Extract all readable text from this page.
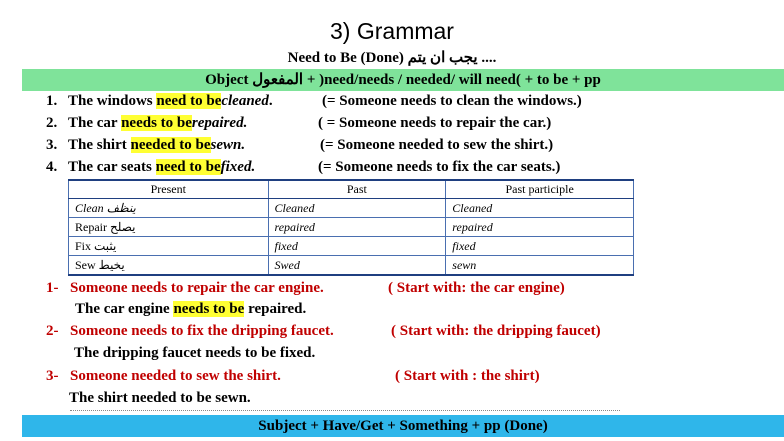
3) Grammar
Need to Be (Done) يجب ان يتم ....
Object المفعول + )need/needs / needed/ will need( + to be + pp
1. The windows need to becleaned.	(= Someone needs to clean the windows.)
2. The car needs to berepaired.	( = Someone needs to repair the car.)
3. The shirt needed to besewn.	(= Someone needed to sew the shirt.)
4. The car seats need to befixed.	(= Someone needs to fix the car seats.)
Present	Past	Past participle
Clean ينظف	Cleaned	Cleaned
Repair يصلح	repaired	repaired
Fix يثبت	fixed	fixed
Sew يخيط	Swed	sewn
1- Someone needs to repair the car engine.	( Start with: the car engine)
The car engine needs to be repaired.
2- Someone needs to fix the dripping faucet.	( Start with: the dripping faucet)
The dripping faucet needs to be fixed.
3- Someone needed to sew the shirt.	( Start with : the shirt)
The shirt needed to be sewn.
Subject + Have/Get + Something + pp (Done)
